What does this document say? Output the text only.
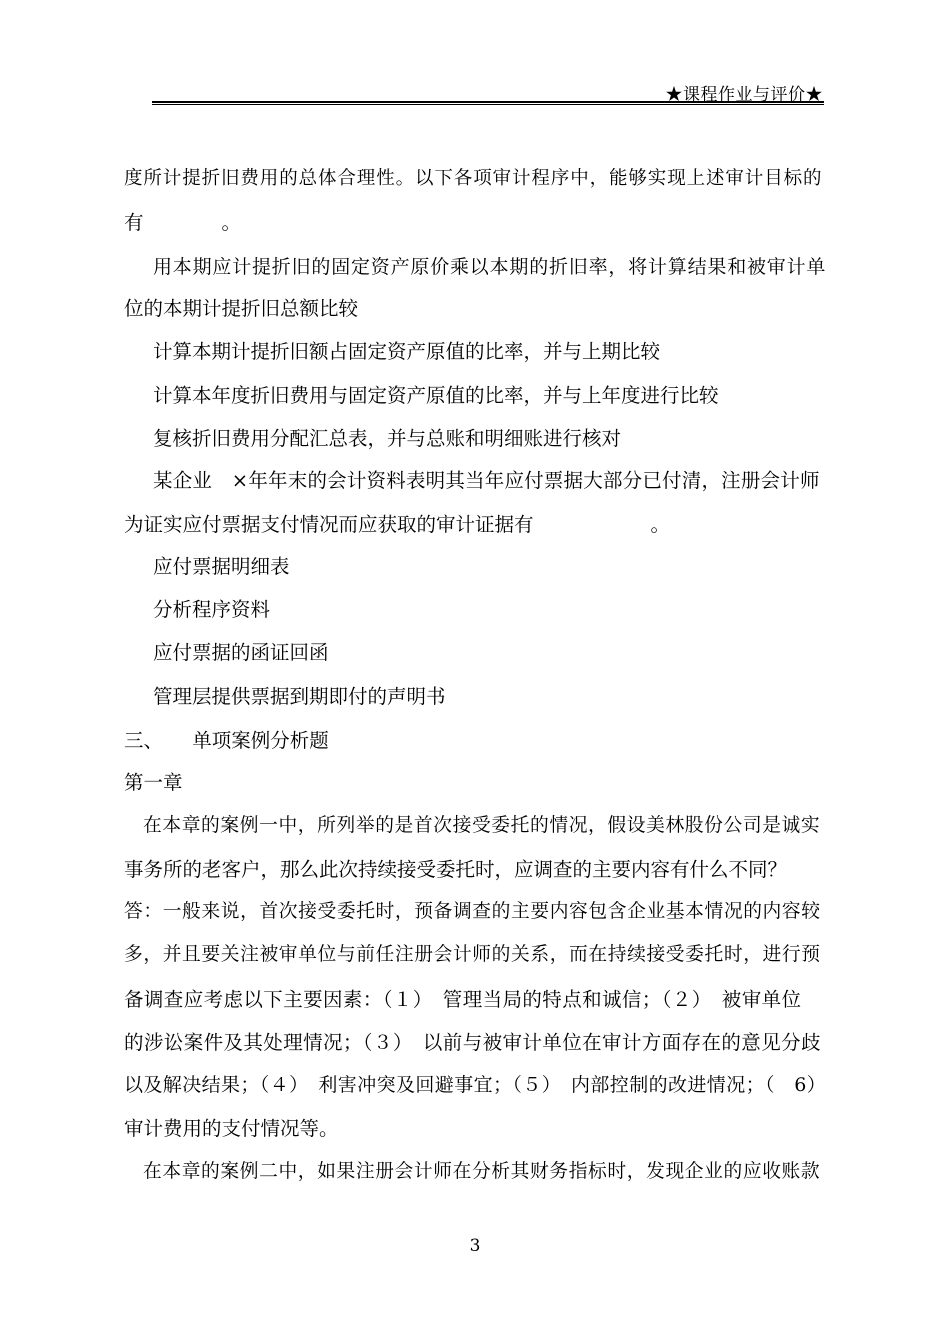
★课程作业与评价★
度所计提折旧费用的总体合理性。以下各项审计程序中，能够实现上述审计目标的
有　　　　。
用本期应计提折旧的固定资产原价乘以本期的折旧率，将计算结果和被审计单
位的本期计提折旧总额比较
计算本期计提折旧额占固定资产原值的比率，并与上期比较
计算本年度折旧费用与固定资产原值的比率，并与上年度进行比较
复核折旧费用分配汇总表，并与总账和明细账进行核对
某企业　×年年末的会计资料表明其当年应付票据大部分已付清，注册会计师
为证实应付票据支付情况而应获取的审计证据有　　　　　　。
应付票据明细表
分析程序资料
应付票据的函证回函
管理层提供票据到期即付的声明书
三、　　单项案例分析题
第一章
在本章的案例一中，所列举的是首次接受委托的情况，假设美林股份公司是诚实
事务所的老客户，那么此次持续接受委托时，应调查的主要内容有什么不同？
答：一般来说，首次接受委托时，预备调查的主要内容包含企业基本情况的内容较
多，并且要关注被审单位与前任注册会计师的关系，而在持续接受委托时，进行预
备调查应考虑以下主要因素：（１）　管理当局的特点和诚信；（２）　被审单位
的涉讼案件及其处理情况；（３）　以前与被审计单位在审计方面存在的意见分歧
以及解决结果；（４）　利害冲突及回避事宜；（５）　内部控制的改进情况；（　6）
审计费用的支付情况等。
在本章的案例二中，如果注册会计师在分析其财务指标时，发现企业的应收账款
3
